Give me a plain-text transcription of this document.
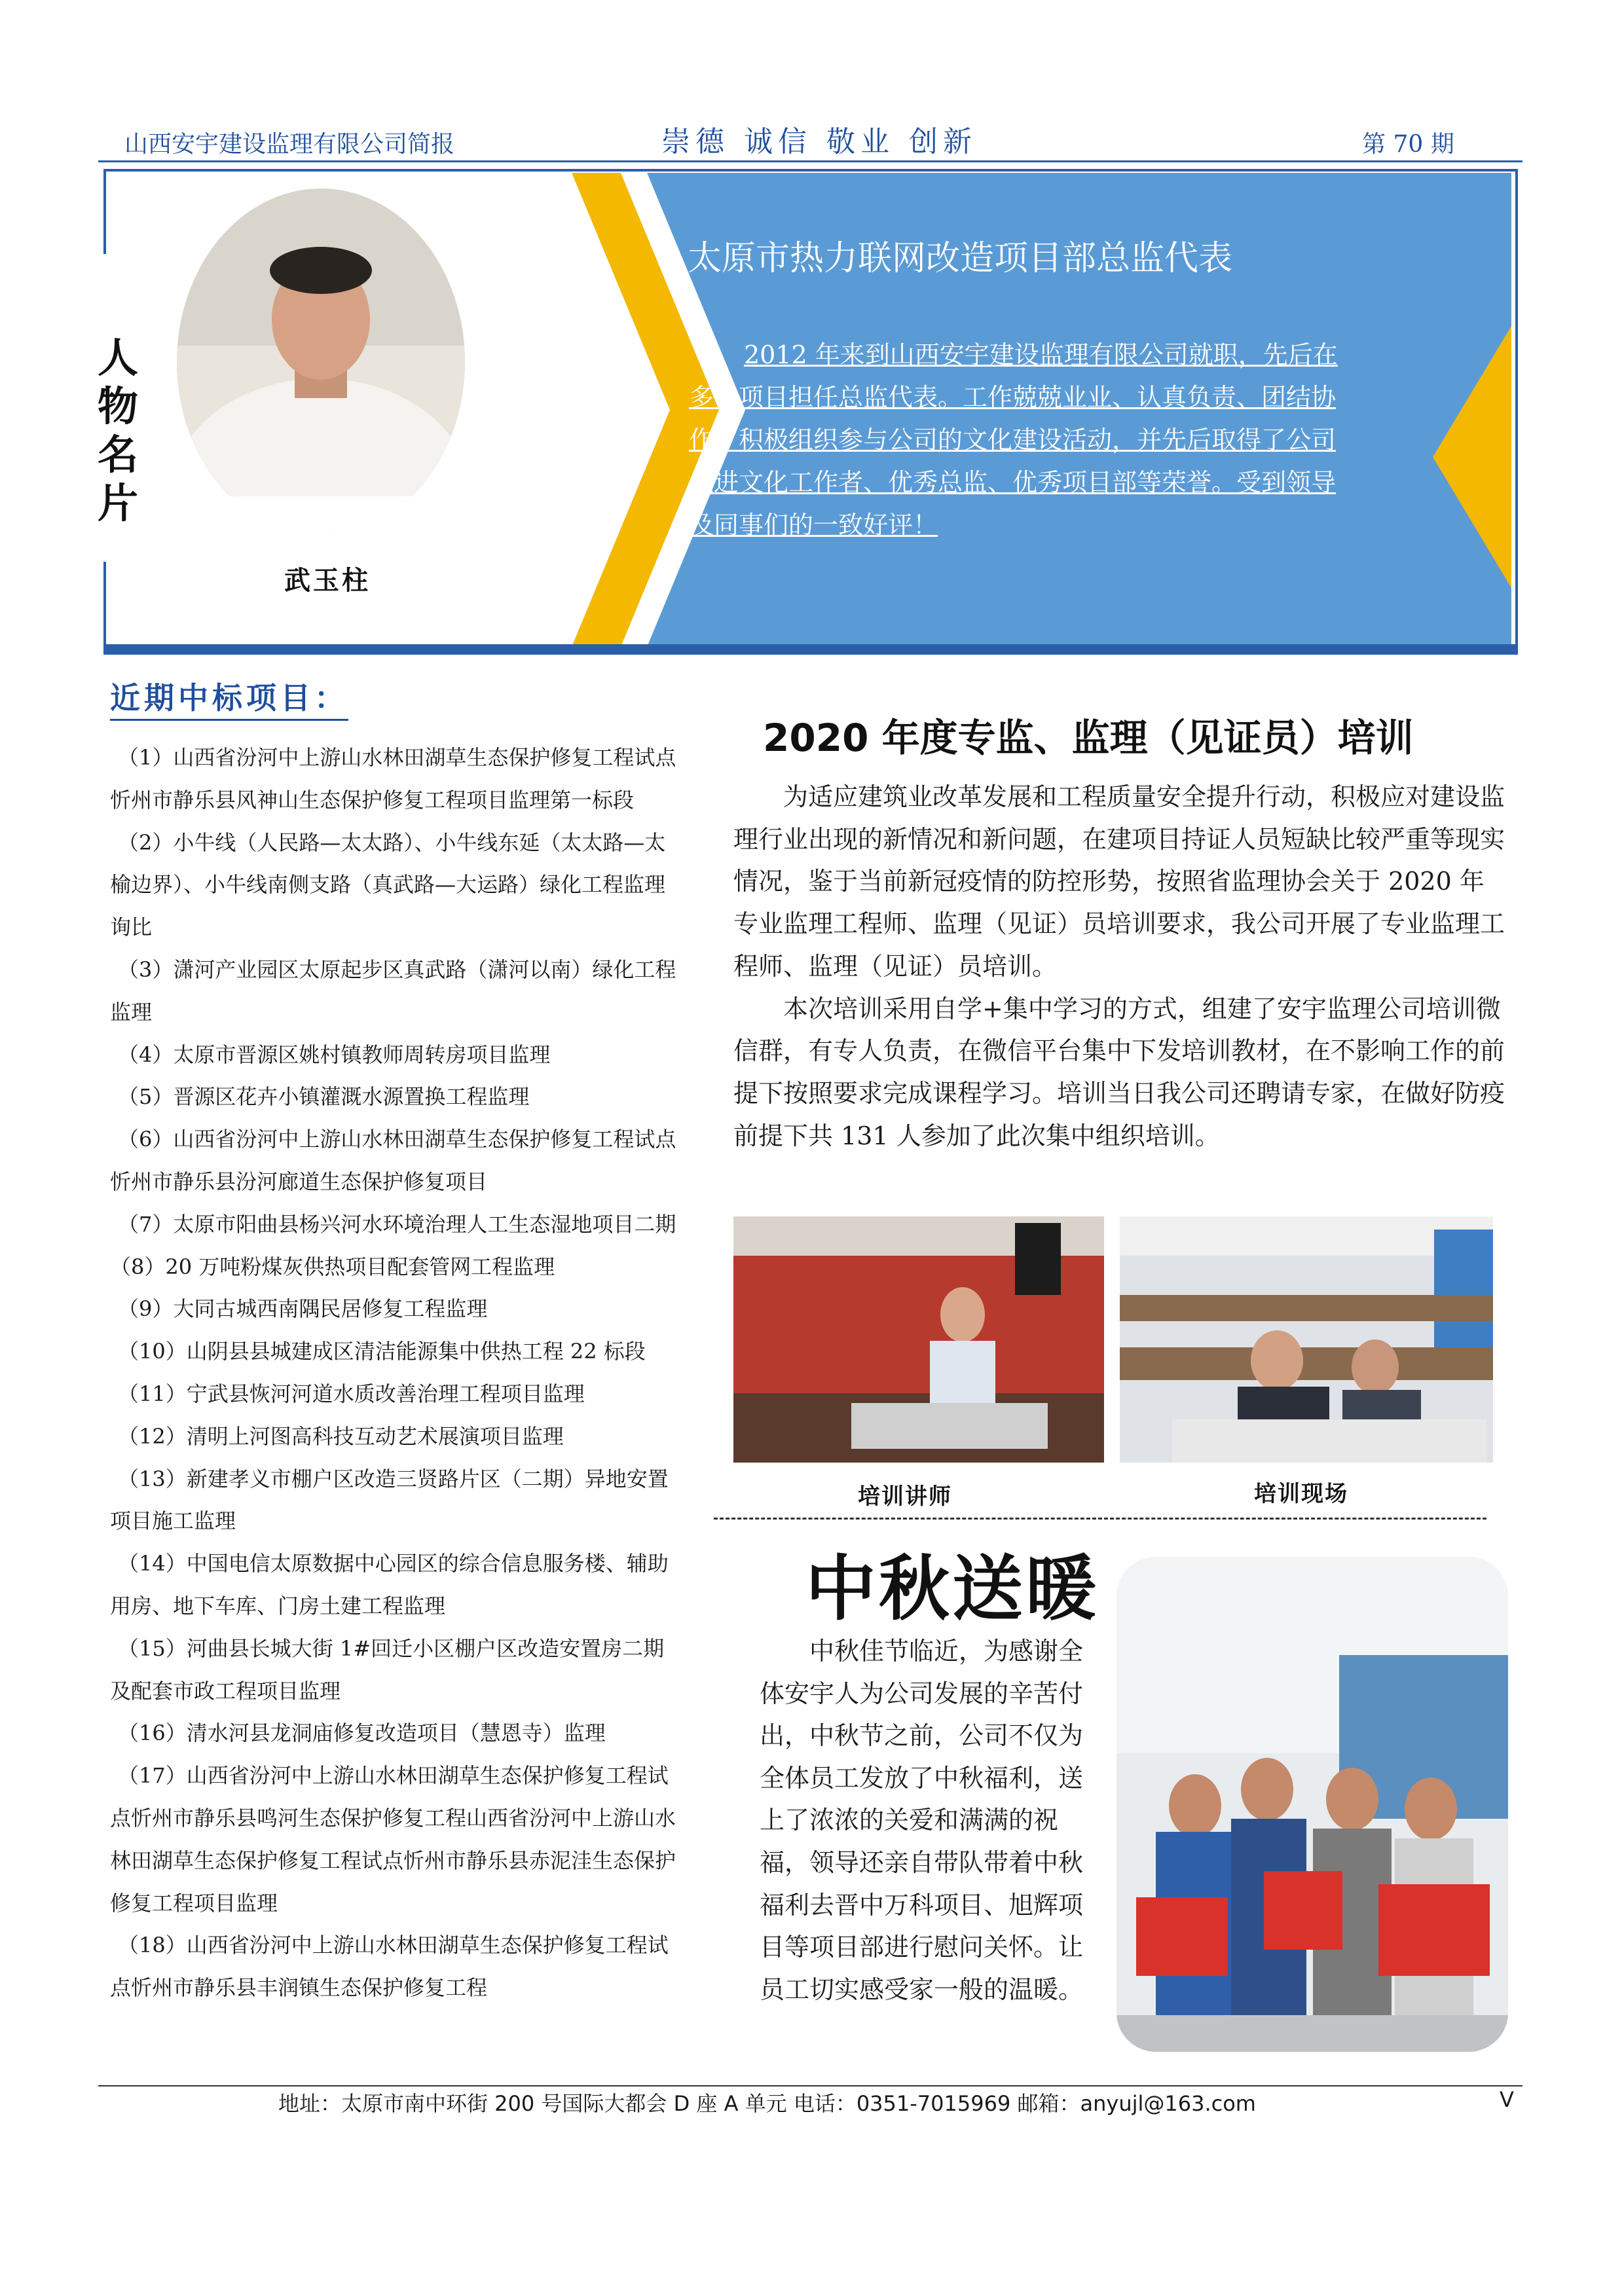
山西安宇建设监理有限公司简报	崇德 诚信 敬业 创新	第 70 期
人
物
名
片
武玉柱
太原市热力联网改造项目部总监代表
2012 年来到山西安宇建设监理有限公司就职，先后在多个项目担任总监代表。工作兢兢业业、认真负责、团结协作，积极组织参与公司的文化建设活动，并先后取得了公司先进文化工作者、优秀总监、优秀项目部等荣誉。受到领导及同事们的一致好评！
近期中标项目：

（1）山西省汾河中上游山水林田湖草生态保护修复工程试点忻州市静乐县风神山生态保护修复工程项目监理第一标段

（2）小牛线（人民路—太太路）、小牛线东延（太太路—太榆边界）、小牛线南侧支路（真武路—大运路）绿化工程监理询比

（3）潇河产业园区太原起步区真武路（潇河以南）绿化工程监理

（4）太原市晋源区姚村镇教师周转房项目监理

（5）晋源区花卉小镇灌溉水源置换工程监理

（6）山西省汾河中上游山水林田湖草生态保护修复工程试点忻州市静乐县汾河廊道生态保护修复项目

（7）太原市阳曲县杨兴河水环境治理人工生态湿地项目二期（8）20 万吨粉煤灰供热项目配套管网工程监理

（9）大同古城西南隅民居修复工程监理

（10）山阴县县城建成区清洁能源集中供热工程 22 标段

（11）宁武县恢河河道水质改善治理工程项目监理

（12）清明上河图高科技互动艺术展演项目监理

（13）新建孝义市棚户区改造三贤路片区（二期）异地安置项目施工监理

（14）中国电信太原数据中心园区的综合信息服务楼、辅助用房、地下车库、门房土建工程监理

（15）河曲县长城大街 1#回迁小区棚户区改造安置房二期及配套市政工程项目监理

（16）清水河县龙洞庙修复改造项目（慧恩寺）监理

（17）山西省汾河中上游山水林田湖草生态保护修复工程试点忻州市静乐县鸣河生态保护修复工程山西省汾河中上游山水林田湖草生态保护修复工程试点忻州市静乐县赤泥洼生态保护修复工程项目监理

（18）山西省汾河中上游山水林田湖草生态保护修复工程试点忻州市静乐县丰润镇生态保护修复工程

2020 年度专监、监理（见证员）培训

为适应建筑业改革发展和工程质量安全提升行动，积极应对建设监理行业出现的新情况和新问题，在建项目持证人员短缺比较严重等现实情况，鉴于当前新冠疫情的防控形势，按照省监理协会关于 2020 年专业监理工程师、监理（见证）员培训要求，我公司开展了专业监理工程师、监理（见证）员培训。

本次培训采用自学+集中学习的方式，组建了安宇监理公司培训微信群，有专人负责，在微信平台集中下发培训教材，在不影响工作的前提下按照要求完成课程学习。培训当日我公司还聘请专家，在做好防疫前提下共 131 人参加了此次集中组织培训。

培训讲师	培训现场
中秋送暖

中秋佳节临近，为感谢全体安宇人为公司发展的辛苦付出，中秋节之前，公司不仅为全体员工发放了中秋福利，送上了浓浓的关爱和满满的祝福，领导还亲自带队带着中秋福利去晋中万科项目、旭辉项目等项目部进行慰问关怀。让员工切实感受家一般的温暖。

地址：太原市南中环街 200 号国际大都会 D 座 A 单元 电话：0351-7015969 邮箱：anyujl@163.com	V
